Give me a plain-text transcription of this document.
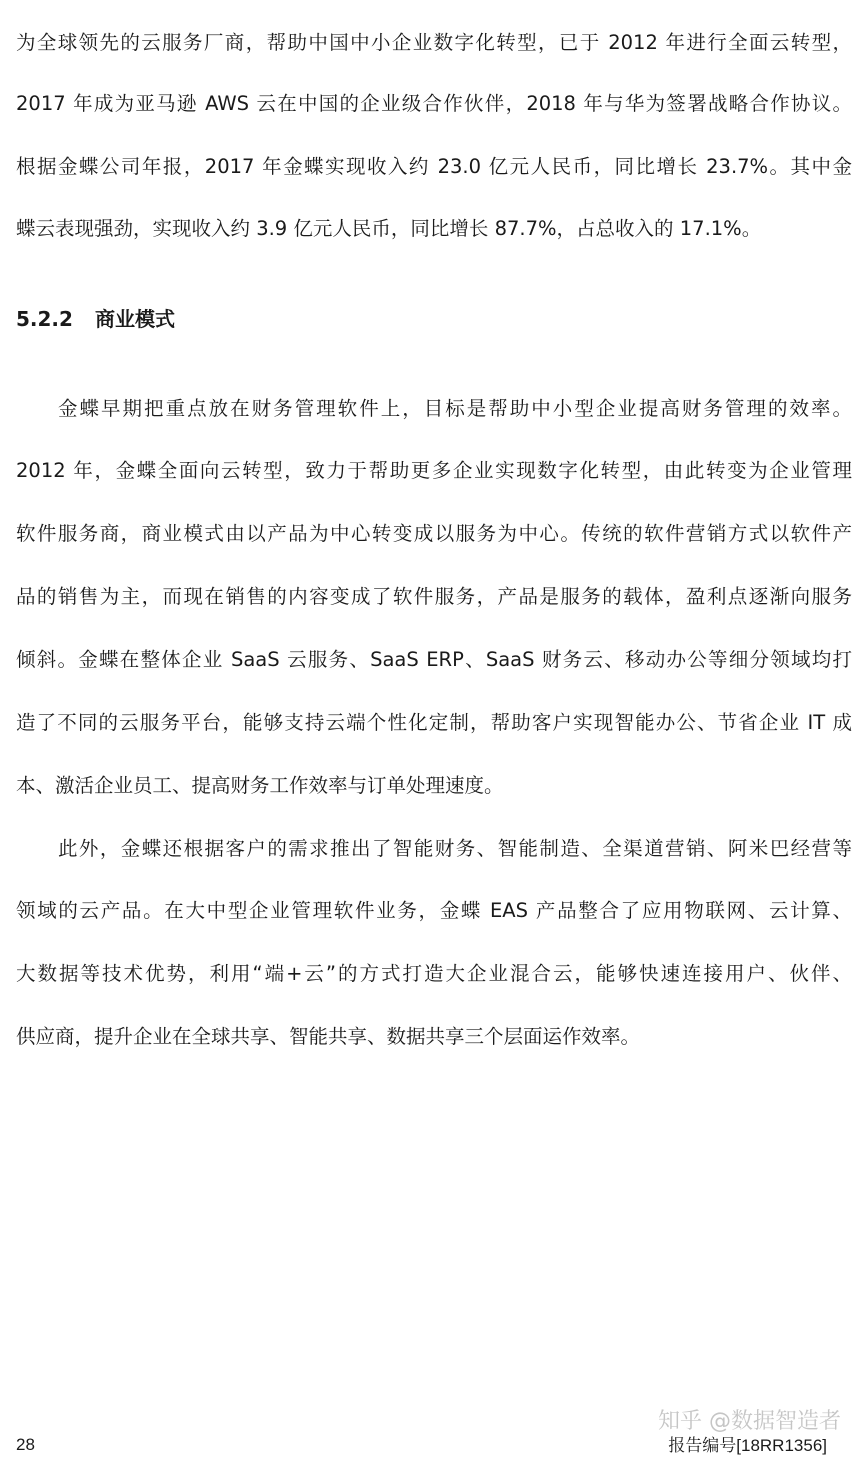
为全球领先的云服务厂商，帮助中国中小企业数字化转型，已于 2012 年进行全面云转型，
2017 年成为亚马逊 AWS 云在中国的企业级合作伙伴，2018 年与华为签署战略合作协议。
根据金蝶公司年报，2017 年金蝶实现收入约 23.0 亿元人民币，同比增长 23.7%。其中金
蝶云表现强劲，实现收入约 3.9 亿元人民币，同比增长 87.7%，占总收入的 17.1%。
5.2.2 商业模式
金蝶早期把重点放在财务管理软件上，目标是帮助中小型企业提高财务管理的效率。
2012 年，金蝶全面向云转型，致力于帮助更多企业实现数字化转型，由此转变为企业管理
软件服务商，商业模式由以产品为中心转变成以服务为中心。传统的软件营销方式以软件产
品的销售为主，而现在销售的内容变成了软件服务，产品是服务的载体，盈利点逐渐向服务
倾斜。金蝶在整体企业 SaaS 云服务、SaaS ERP、SaaS 财务云、移动办公等细分领域均打
造了不同的云服务平台，能够支持云端个性化定制，帮助客户实现智能办公、节省企业 IT 成
本、激活企业员工、提高财务工作效率与订单处理速度。
此外，金蝶还根据客户的需求推出了智能财务、智能制造、全渠道营销、阿米巴经营等
领域的云产品。在大中型企业管理软件业务，金蝶 EAS 产品整合了应用物联网、云计算、
大数据等技术优势，利用“端+云”的方式打造大企业混合云，能够快速连接用户、伙伴、
供应商，提升企业在全球共享、智能共享、数据共享三个层面运作效率。
知乎 @数据智造者
28	报告编号[18RR1356]
